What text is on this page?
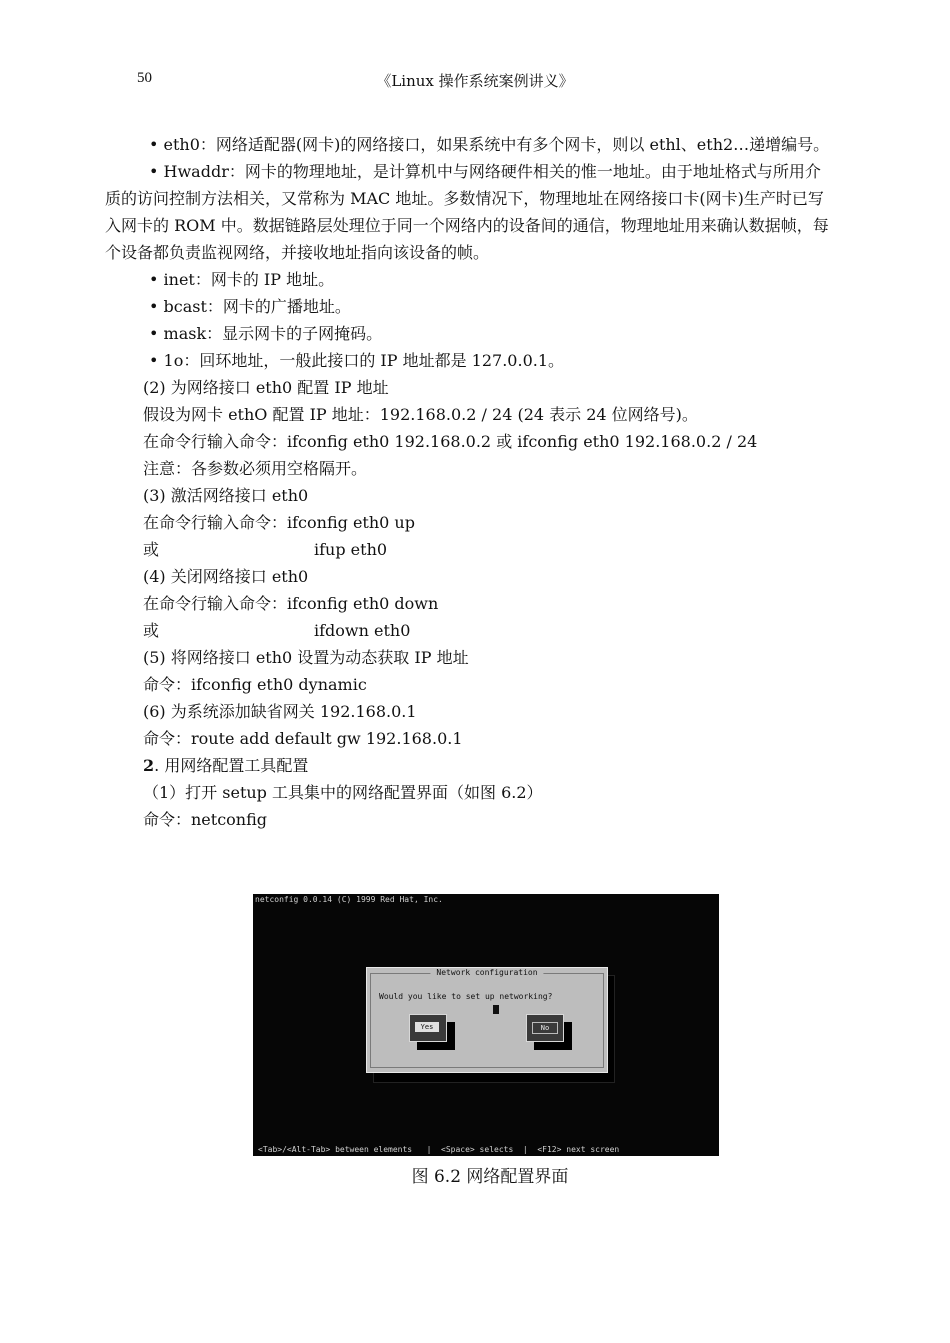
50	《Linux 操作系统案例讲义》

• eth0：网络适配器(网卡)的网络接口，如果系统中有多个网卡，则以 ethl、eth2…递增编号。

• Hwaddr：网卡的物理地址，是计算机中与网络硬件相关的惟一地址。由于地址格式与所用介质的访问控制方法相关，又常称为 MAC 地址。多数情况下，物理地址在网络接口卡(网卡)生产时已写入网卡的 ROM 中。数据链路层处理位于同一个网络内的设备间的通信，物理地址用来确认数据帧，每个设备都负责监视网络，并接收地址指向该设备的帧。

• inet：网卡的 IP 地址。

• bcast：网卡的广播地址。

• mask：显示网卡的子网掩码。

• 1o：回环地址，一般此接口的 IP 地址都是 127.0.0.1。

(2) 为网络接口 eth0 配置 IP 地址

假设为网卡 ethO 配置 IP 地址：192.168.0.2 / 24 (24 表示 24 位网络号)。

在命令行输入命令：ifconfig eth0 192.168.0.2 或 ifconfig eth0 192.168.0.2 / 24

注意：各参数必须用空格隔开。

(3) 激活网络接口 eth0

在命令行输入命令：ifconfig eth0 up

或	ifup eth0

(4) 关闭网络接口 eth0

在命令行输入命令：ifconfig eth0 down

或	ifdown eth0

(5) 将网络接口 eth0 设置为动态获取 IP 地址

命令：ifconfig eth0 dynamic

(6) 为系统添加缺省网关 192.168.0.1

命令：route add default gw 192.168.0.1

2. 用网络配置工具配置

（1）打开 setup 工具集中的网络配置界面（如图 6.2）

命令：netconfig

netconfig 0.0.14 (C) 1999 Red Hat, Inc.
Network configuration
Would you like to set up networking?
Yes	No
<Tab>/<Alt-Tab> between elements   |  <Space> selects  |  <F12> next screen
图 6.2 网络配置界面
